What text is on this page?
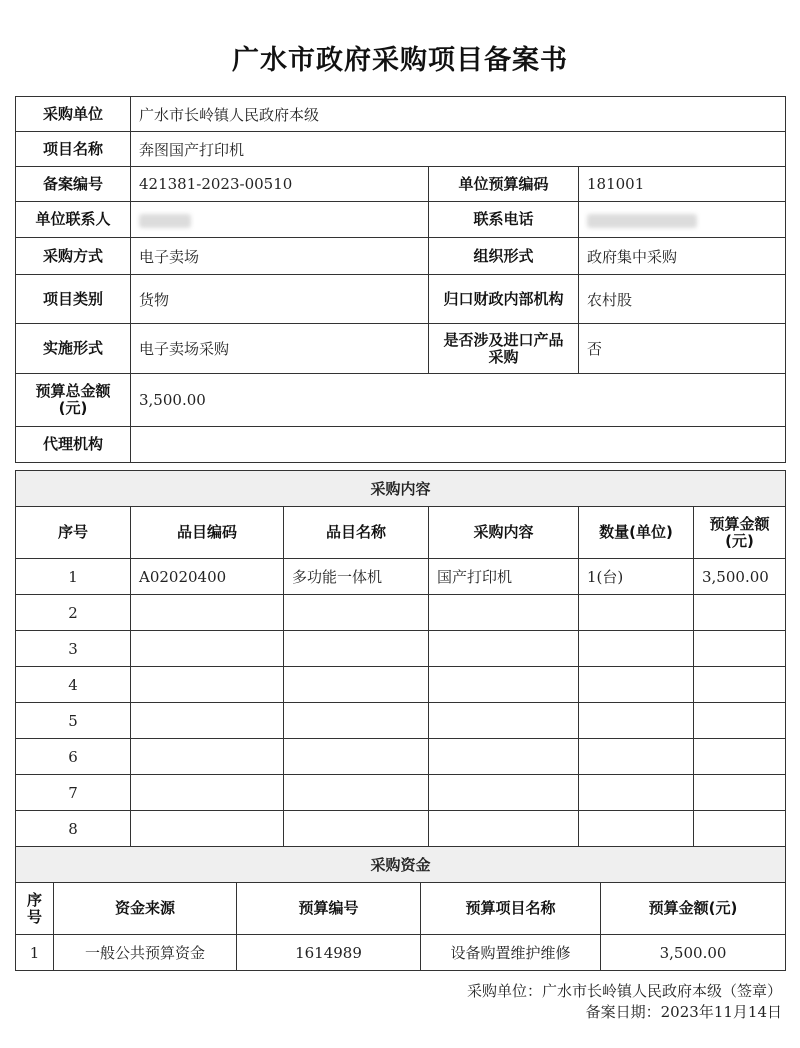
广水市政府采购项目备案书
采购单位	广水市长岭镇人民政府本级		
项目名称	奔图国产打印机		
备案编号	421381-2023-00510	单位预算编码	181001
单位联系人		联系电话	
采购方式	电子卖场	组织形式	政府集中采购
项目类别	货物	归口财政内部机构	农村股
实施形式	电子卖场采购	是否涉及进口产品采购	否
预算总金额(元)	3,500.00		
代理机构			
采购内容					
序号	品目编码	品目名称	采购内容	数量(单位)	预算金额(元)
1	A02020400	多功能一体机	国产打印机	1(台)	3,500.00
2					
3					
4					
5					
6					
7					
8					
采购资金				
序号	资金来源	预算编号	预算项目名称	预算金额(元)
1	一般公共预算资金	1614989	设备购置维护维修	3,500.00
采购单位：广水市长岭镇人民政府本级（签章）
备案日期：2023年11月14日
